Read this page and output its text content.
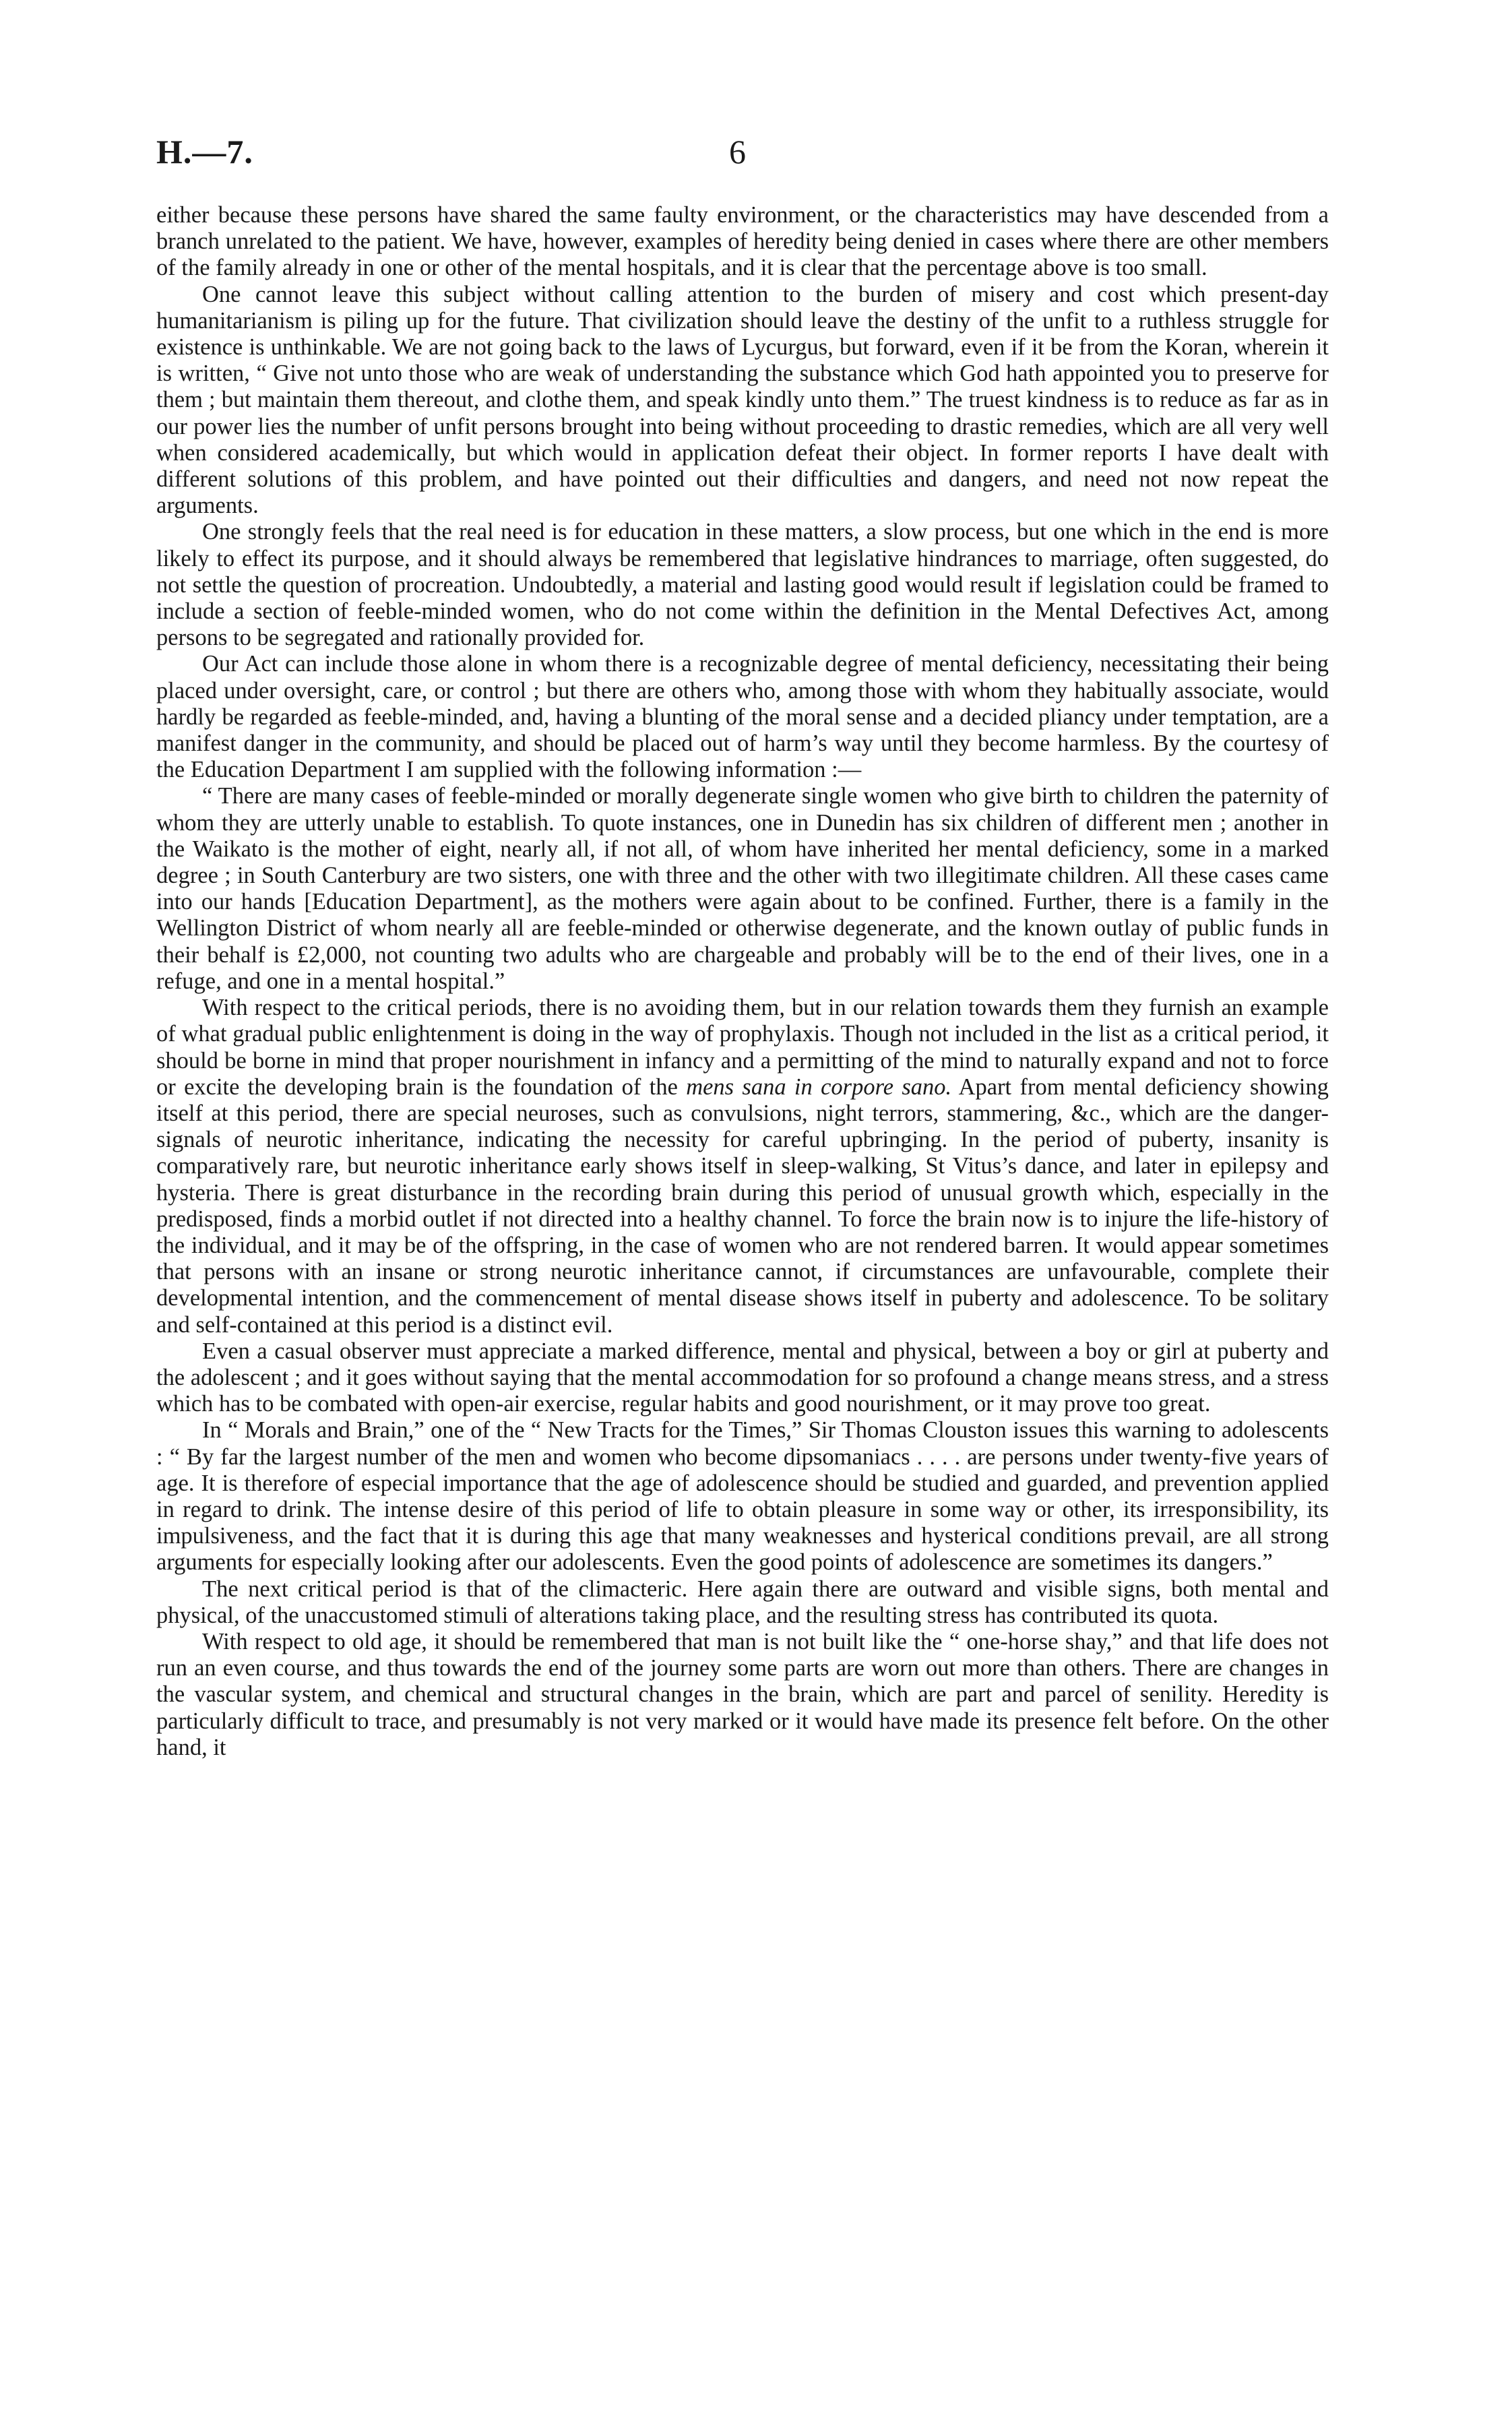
H.—7.	6

either because these persons have shared the same faulty environment, or the characteristics may have descended from a branch unrelated to the patient. We have, however, examples of heredity being denied in cases where there are other members of the family already in one or other of the mental hospitals, and it is clear that the percentage above is too small.

One cannot leave this subject without calling attention to the burden of misery and cost which present-day humanitarianism is piling up for the future. That civilization should leave the destiny of the unfit to a ruthless struggle for existence is unthinkable. We are not going back to the laws of Lycurgus, but forward, even if it be from the Koran, wherein it is written, “ Give not unto those who are weak of understanding the substance which God hath appointed you to preserve for them ; but maintain them thereout, and clothe them, and speak kindly unto them.” The truest kindness is to reduce as far as in our power lies the number of unfit persons brought into being without proceeding to drastic remedies, which are all very well when considered academically, but which would in application defeat their object. In former reports I have dealt with different solutions of this problem, and have pointed out their difficulties and dangers, and need not now repeat the arguments.

One strongly feels that the real need is for education in these matters, a slow process, but one which in the end is more likely to effect its purpose, and it should always be remembered that legislative hindrances to marriage, often suggested, do not settle the question of procreation. Undoubtedly, a material and lasting good would result if legislation could be framed to include a section of feeble-minded women, who do not come within the definition in the Mental Defectives Act, among persons to be segregated and rationally provided for.

Our Act can include those alone in whom there is a recognizable degree of mental deficiency, necessitating their being placed under oversight, care, or control ; but there are others who, among those with whom they habitually associate, would hardly be regarded as feeble-minded, and, having a blunting of the moral sense and a decided pliancy under temptation, are a manifest danger in the community, and should be placed out of harm’s way until they become harmless. By the courtesy of the Education Department I am supplied with the following information :—

“ There are many cases of feeble-minded or morally degenerate single women who give birth to children the paternity of whom they are utterly unable to establish. To quote instances, one in Dunedin has six children of different men ; another in the Waikato is the mother of eight, nearly all, if not all, of whom have inherited her mental deficiency, some in a marked degree ; in South Canterbury are two sisters, one with three and the other with two illegitimate children. All these cases came into our hands [Education Department], as the mothers were again about to be confined. Further, there is a family in the Wellington District of whom nearly all are feeble-minded or otherwise degenerate, and the known outlay of public funds in their behalf is £2,000, not counting two adults who are chargeable and probably will be to the end of their lives, one in a refuge, and one in a mental hospital.”

With respect to the critical periods, there is no avoiding them, but in our relation towards them they furnish an example of what gradual public enlightenment is doing in the way of prophylaxis. Though not included in the list as a critical period, it should be borne in mind that proper nourishment in infancy and a permitting of the mind to naturally expand and not to force or excite the developing brain is the foundation of the mens sana in corpore sano. Apart from mental deficiency showing itself at this period, there are special neuroses, such as convulsions, night terrors, stammering, &c., which are the danger-signals of neurotic inheritance, indicating the necessity for careful upbringing. In the period of puberty, insanity is comparatively rare, but neurotic inheritance early shows itself in sleep-walking, St Vitus’s dance, and later in epilepsy and hysteria. There is great disturbance in the recording brain during this period of unusual growth which, especially in the predisposed, finds a morbid outlet if not directed into a healthy channel. To force the brain now is to injure the life-history of the individual, and it may be of the offspring, in the case of women who are not rendered barren. It would appear sometimes that persons with an insane or strong neurotic inheritance cannot, if circumstances are unfavourable, complete their developmental intention, and the commencement of mental disease shows itself in puberty and adolescence. To be solitary and self-contained at this period is a distinct evil.

Even a casual observer must appreciate a marked difference, mental and physical, between a boy or girl at puberty and the adolescent ; and it goes without saying that the mental accommodation for so profound a change means stress, and a stress which has to be combated with open-air exercise, regular habits and good nourishment, or it may prove too great.

In “ Morals and Brain,” one of the “ New Tracts for the Times,” Sir Thomas Clouston issues this warning to adolescents : “ By far the largest number of the men and women who become dipsomaniacs . . . . are persons under twenty-five years of age. It is therefore of especial importance that the age of adolescence should be studied and guarded, and prevention applied in regard to drink. The intense desire of this period of life to obtain pleasure in some way or other, its irresponsibility, its impulsiveness, and the fact that it is during this age that many weaknesses and hysterical conditions prevail, are all strong arguments for especially looking after our adolescents. Even the good points of adolescence are sometimes its dangers.”

The next critical period is that of the climacteric. Here again there are outward and visible signs, both mental and physical, of the unaccustomed stimuli of alterations taking place, and the resulting stress has contributed its quota.

With respect to old age, it should be remembered that man is not built like the “ one-horse shay,” and that life does not run an even course, and thus towards the end of the journey some parts are worn out more than others. There are changes in the vascular system, and chemical and structural changes in the brain, which are part and parcel of senility. Heredity is particularly difficult to trace, and presumably is not very marked or it would have made its presence felt before. On the other hand, it
